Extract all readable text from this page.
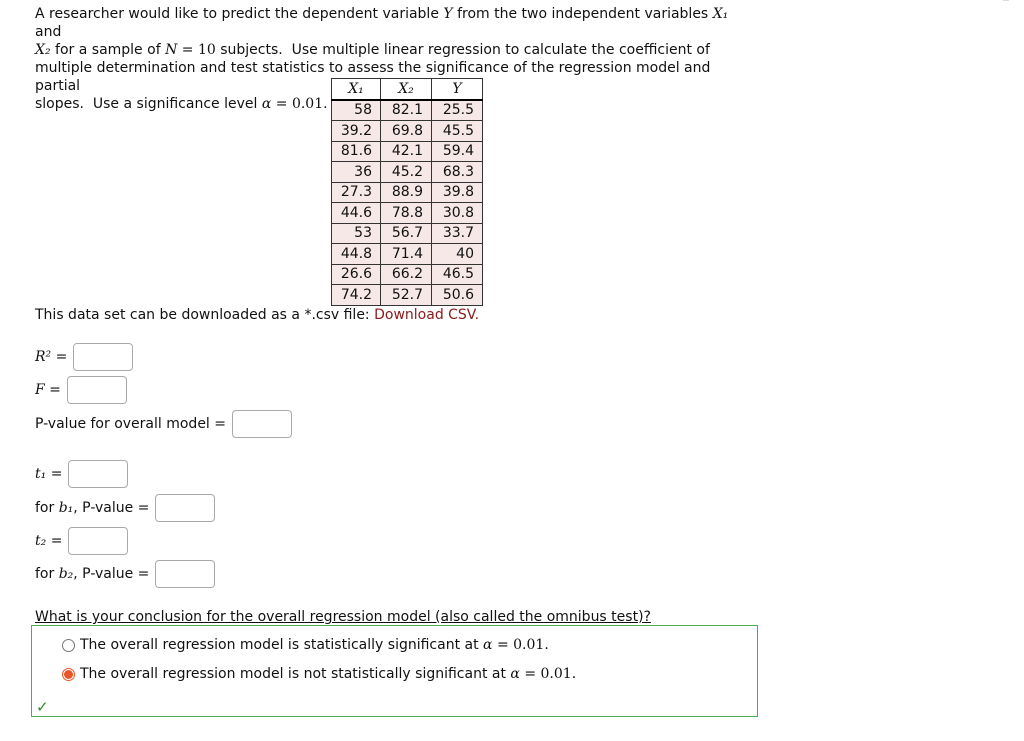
A researcher would like to predict the dependent variable Y from the two independent variables X₁ and
X₂ for a sample of N = 10 subjects.  Use multiple linear regression to calculate the coefficient of
multiple determination and test statistics to assess the significance of the regression model and partial
slopes.  Use a significance level α = 0.01.
X₁	X₂	Y
58	82.1	25.5
39.2	69.8	45.5
81.6	42.1	59.4
36	45.2	68.3
27.3	88.9	39.8
44.6	78.8	30.8
53	56.7	33.7
44.8	71.4	40
26.6	66.2	46.5
74.2	52.7	50.6
This data set can be downloaded as a *.csv file: Download CSV.
R² =
F =
P-value for overall model =
t₁ =
for b₁, P-value =
t₂ =
for b₂, P-value =
What is your conclusion for the overall regression model (also called the omnibus test)?
The overall regression model is statistically significant at α = 0.01.
The overall regression model is not statistically significant at α = 0.01.
✓
